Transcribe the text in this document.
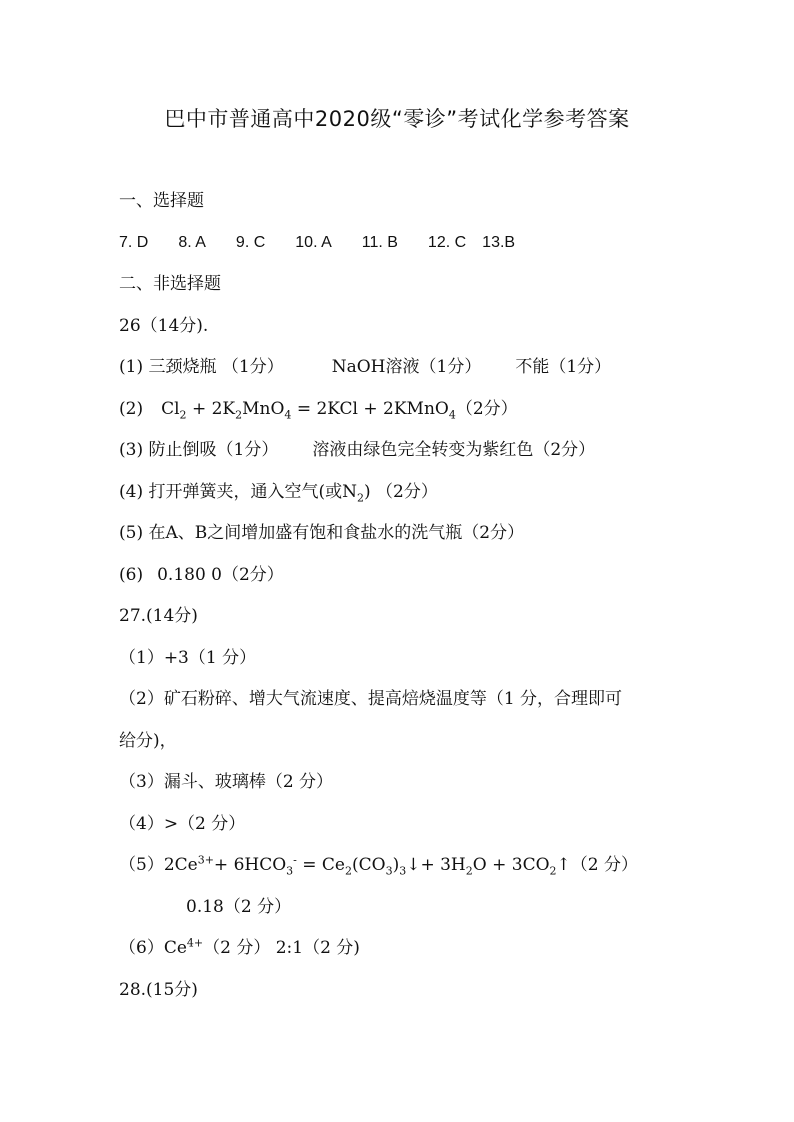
巴中市普通高中2020级“零诊”考试化学参考答案
一、选择题
7. D 8. A 9. C 10. A 11. B 12. C 13.B
二、非选择题
26（14分).
(1) 三颈烧瓶 （1分）	NaOH溶液（1分） 不能（1分）
(2) $Cl_2 + 2K_2MnO_4 = 2KCl$ + 2KMnO$_4$（2分）
(3) 防止倒吸（1分） 溶液由绿色完全转变为紫红色（2分）
(4) 打开弹簧夹，通入空气(或$N_2$) （2分）
(5) 在A、B之间增加盛有饱和食盐水的洗气瓶（2分）
(6) 0.180 0（2分）
27.(14分)
（1）+3（1 分）
（2）矿石粉碎、增大气流速度、提高焙烧温度等（1 分，合理即可
给分)，
（3）漏斗、玻璃棒（2 分）
（4）>（2 分）
$(5)2Ce^{3+}+ 6HCO_3^-$ = $Ce_2(CO_3)_3↓+ 3H_2O$ + $3CO_2↑(2$ 分）
0.18（2 分）
$(6)Ce^{4+}(2$ 分） 2:1（2 分)
28.(15分)
